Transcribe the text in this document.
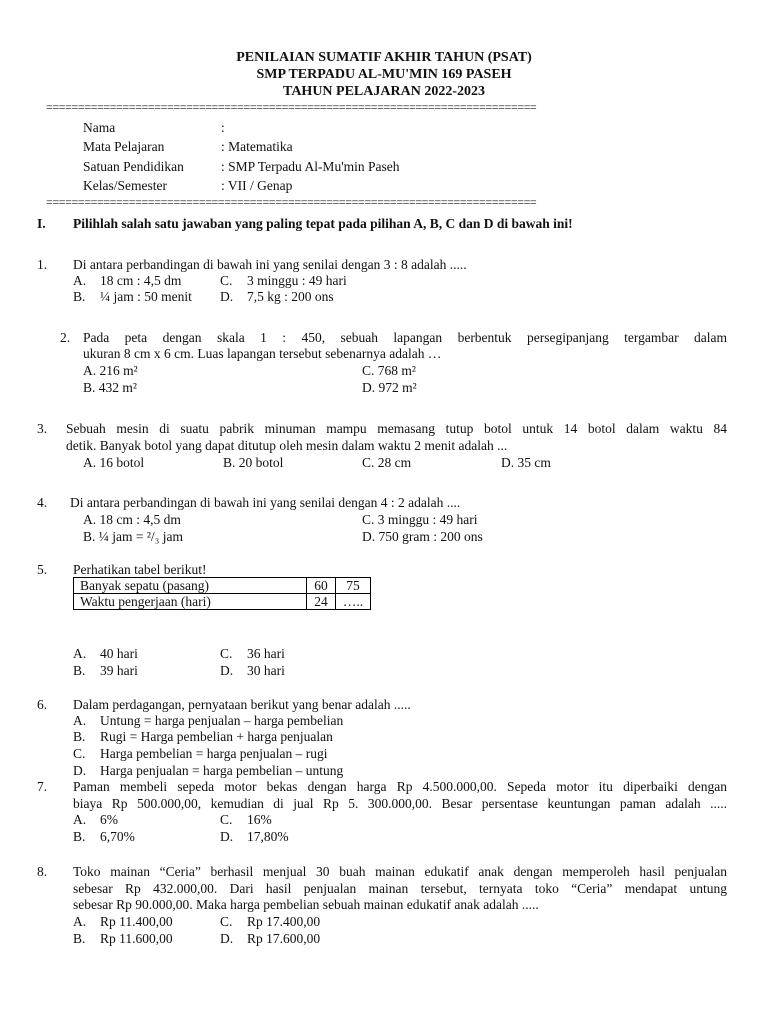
PENILAIAN SUMATIF AKHIR TAHUN (PSAT)
SMP TERPADU AL-MU'MIN 169 PASEH
TAHUN PELAJARAN 2022-2023
=============================================================================
Nama	:
Mata Pelajaran	: Matematika
Satuan Pendidikan	: SMP Terpadu Al-Mu'min Paseh
Kelas/Semester	: VII / Genap
=============================================================================
I. Pilihlah salah satu jawaban yang paling tepat pada pilihan A, B, C dan D di bawah ini!
1. Di antara perbandingan di bawah ini yang senilai dengan 3 : 8 adalah .....
A. 18 cm : 4,5 dm	C. 3 minggu : 49 hari
B. ¼ jam : 50 menit D. 7,5 kg : 200 ons
2. Pada peta dengan skala 1 : 450, sebuah lapangan berbentuk persegipanjang tergambar dalam
ukuran 8 cm x 6 cm. Luas lapangan tersebut sebenarnya adalah …
A. 216 m²	C. 768 m²
B. 432 m²	D. 972 m²
3. Sebuah mesin di suatu pabrik minuman mampu memasang tutup botol untuk 14 botol dalam waktu 84
detik. Banyak botol yang dapat ditutup oleh mesin dalam waktu 2 menit adalah ...
A. 16 botol	B. 20 botol	C. 28 cm	D. 35 cm
4. Di antara perbandingan di bawah ini yang senilai dengan 4 : 2 adalah ....
A. 18 cm : 4,5 dm	C. 3 minggu : 49 hari
B. ¼ jam = ²/₃ jam	D. 750 gram : 200 ons
5. Perhatikan tabel berikut!
Banyak sepatu (pasang)	60	75
Waktu pengerjaan (hari)	24	…..
A. 40 hari	C. 36 hari
B. 39 hari	D. 30 hari
6. Dalam perdagangan, pernyataan berikut yang benar adalah .....
A. Untung = harga penjualan – harga pembelian
B. Rugi = Harga pembelian + harga penjualan
C. Harga pembelian = harga penjualan – rugi
D. Harga penjualan = harga pembelian – untung
7. Paman membeli sepeda motor bekas dengan harga Rp 4.500.000,00. Sepeda motor itu diperbaiki dengan
biaya Rp 500.000,00, kemudian di jual Rp 5. 300.000,00. Besar persentase keuntungan paman adalah .....
A. 6%	C. 16%
B. 6,70%	D. 17,80%
8. Toko mainan “Ceria” berhasil menjual 30 buah mainan edukatif anak dengan memperoleh hasil penjualan
sebesar Rp 432.000,00. Dari hasil penjualan mainan tersebut, ternyata toko “Ceria” mendapat untung
sebesar Rp 90.000,00. Maka harga pembelian sebuah mainan edukatif anak adalah .....
A. Rp 11.400,00	C. Rp 17.400,00
B. Rp 11.600,00	D. Rp 17.600,00
